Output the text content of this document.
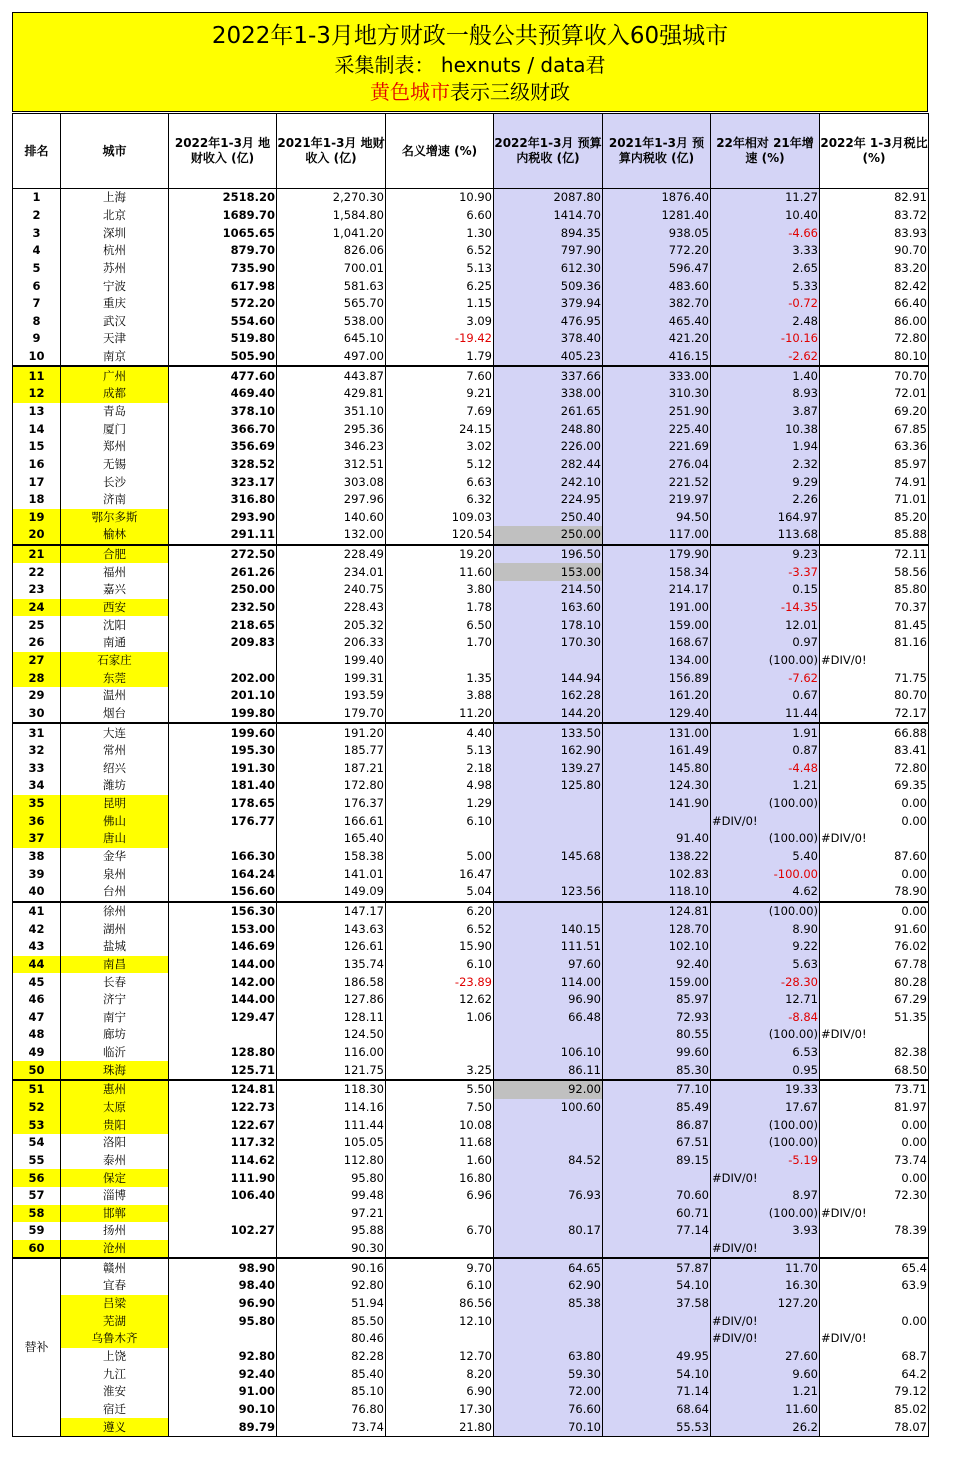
2022年1-3月地方财政一般公共预算收入60强城市
采集制表： hexnuts / data君
黄色城市表示三级财政
排名	城市	2022年1-3月 地财收入 (亿)	2021年1-3月 地财收入 (亿)	名义增速 (%)	2022年1-3月 预算内税收 (亿)	2021年1-3月 预算内税收 (亿)	22年相对 21年增速 (%)	2022年 1-3月税比 (%)
1	上海	2518.20	2,270.30	10.90	2087.80	1876.40	11.27	82.91
2	北京	1689.70	1,584.80	6.60	1414.70	1281.40	10.40	83.72
3	深圳	1065.65	1,041.20	1.30	894.35	938.05	-4.66	83.93
4	杭州	879.70	826.06	6.52	797.90	772.20	3.33	90.70
5	苏州	735.90	700.01	5.13	612.30	596.47	2.65	83.20
6	宁波	617.98	581.63	6.25	509.36	483.60	5.33	82.42
7	重庆	572.20	565.70	1.15	379.94	382.70	-0.72	66.40
8	武汉	554.60	538.00	3.09	476.95	465.40	2.48	86.00
9	天津	519.80	645.10	-19.42	378.40	421.20	-10.16	72.80
10	南京	505.90	497.00	1.79	405.23	416.15	-2.62	80.10
11	广州	477.60	443.87	7.60	337.66	333.00	1.40	70.70
12	成都	469.40	429.81	9.21	338.00	310.30	8.93	72.01
13	青岛	378.10	351.10	7.69	261.65	251.90	3.87	69.20
14	厦门	366.70	295.36	24.15	248.80	225.40	10.38	67.85
15	郑州	356.69	346.23	3.02	226.00	221.69	1.94	63.36
16	无锡	328.52	312.51	5.12	282.44	276.04	2.32	85.97
17	长沙	323.17	303.08	6.63	242.10	221.52	9.29	74.91
18	济南	316.80	297.96	6.32	224.95	219.97	2.26	71.01
19	鄂尔多斯	293.90	140.60	109.03	250.40	94.50	164.97	85.20
20	榆林	291.11	132.00	120.54	250.00	117.00	113.68	85.88
21	合肥	272.50	228.49	19.20	196.50	179.90	9.23	72.11
22	福州	261.26	234.01	11.60	153.00	158.34	-3.37	58.56
23	嘉兴	250.00	240.75	3.80	214.50	214.17	0.15	85.80
24	西安	232.50	228.43	1.78	163.60	191.00	-14.35	70.37
25	沈阳	218.65	205.32	6.50	178.10	159.00	12.01	81.45
26	南通	209.83	206.33	1.70	170.30	168.67	0.97	81.16
27	石家庄		199.40			134.00	(100.00)	#DIV/0!
28	东莞	202.00	199.31	1.35	144.94	156.89	-7.62	71.75
29	温州	201.10	193.59	3.88	162.28	161.20	0.67	80.70
30	烟台	199.80	179.70	11.20	144.20	129.40	11.44	72.17
31	大连	199.60	191.20	4.40	133.50	131.00	1.91	66.88
32	常州	195.30	185.77	5.13	162.90	161.49	0.87	83.41
33	绍兴	191.30	187.21	2.18	139.27	145.80	-4.48	72.80
34	潍坊	181.40	172.80	4.98	125.80	124.30	1.21	69.35
35	昆明	178.65	176.37	1.29		141.90	(100.00)	0.00
36	佛山	176.77	166.61	6.10			#DIV/0!	0.00
37	唐山		165.40			91.40	(100.00)	#DIV/0!
38	金华	166.30	158.38	5.00	145.68	138.22	5.40	87.60
39	泉州	164.24	141.01	16.47		102.83	-100.00	0.00
40	台州	156.60	149.09	5.04	123.56	118.10	4.62	78.90
41	徐州	156.30	147.17	6.20		124.81	(100.00)	0.00
42	湖州	153.00	143.63	6.52	140.15	128.70	8.90	91.60
43	盐城	146.69	126.61	15.90	111.51	102.10	9.22	76.02
44	南昌	144.00	135.74	6.10	97.60	92.40	5.63	67.78
45	长春	142.00	186.58	-23.89	114.00	159.00	-28.30	80.28
46	济宁	144.00	127.86	12.62	96.90	85.97	12.71	67.29
47	南宁	129.47	128.11	1.06	66.48	72.93	-8.84	51.35
48	廊坊		124.50			80.55	(100.00)	#DIV/0!
49	临沂	128.80	116.00		106.10	99.60	6.53	82.38
50	珠海	125.71	121.75	3.25	86.11	85.30	0.95	68.50
51	惠州	124.81	118.30	5.50	92.00	77.10	19.33	73.71
52	太原	122.73	114.16	7.50	100.60	85.49	17.67	81.97
53	贵阳	122.67	111.44	10.08		86.87	(100.00)	0.00
54	洛阳	117.32	105.05	11.68		67.51	(100.00)	0.00
55	泰州	114.62	112.80	1.60	84.52	89.15	-5.19	73.74
56	保定	111.90	95.80	16.80			#DIV/0!	0.00
57	淄博	106.40	99.48	6.96	76.93	70.60	8.97	72.30
58	邯郸		97.21			60.71	(100.00)	#DIV/0!
59	扬州	102.27	95.88	6.70	80.17	77.14	3.93	78.39
60	沧州		90.30				#DIV/0!	
替补	赣州	98.90	90.16	9.70	64.65	57.87	11.70	65.4
	宜春	98.40	92.80	6.10	62.90	54.10	16.30	63.9
	吕梁	96.90	51.94	86.56	85.38	37.58	127.20	
	芜湖	95.80	85.50	12.10			#DIV/0!	0.00
	乌鲁木齐		80.46				#DIV/0!	#DIV/0!
	上饶	92.80	82.28	12.70	63.80	49.95	27.60	68.7
	九江	92.40	85.40	8.20	59.30	54.10	9.60	64.2
	淮安	91.00	85.10	6.90	72.00	71.14	1.21	79.12
	宿迁	90.10	76.80	17.30	76.60	68.64	11.60	85.02
	遵义	89.79	73.74	21.80	70.10	55.53	26.2	78.07
